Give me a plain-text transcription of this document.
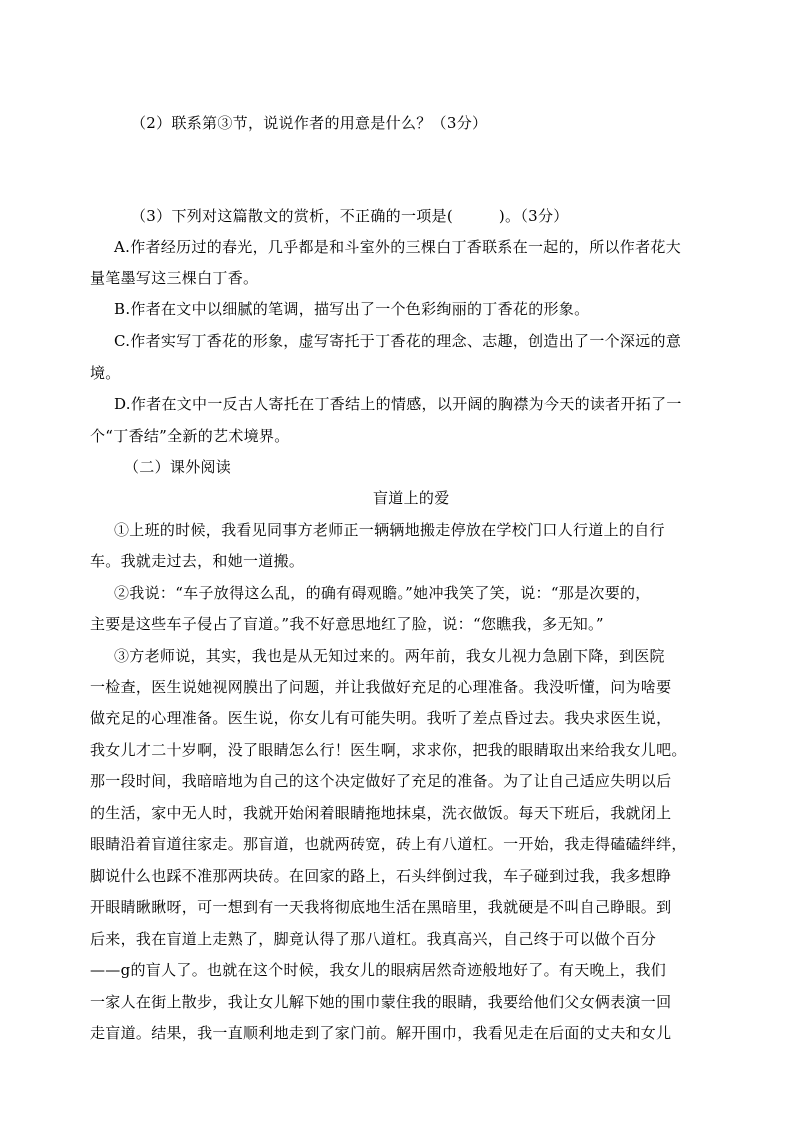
（2）联系第③节，说说作者的用意是什么？（3分）
（3）下列对这篇散文的赏析，不正确的一项是(　　　)。（3分）
A.作者经历过的春光，几乎都是和斗室外的三棵白丁香联系在一起的，所以作者花大
量笔墨写这三棵白丁香。
B.作者在文中以细腻的笔调，描写出了一个色彩绚丽的丁香花的形象。
C.作者实写丁香花的形象，虚写寄托于丁香花的理念、志趣，创造出了一个深远的意
境。
D.作者在文中一反古人寄托在丁香结上的情感，以开阔的胸襟为今天的读者开拓了一
个“丁香结”全新的艺术境界。
（二）课外阅读
盲道上的爱
①上班的时候，我看见同事方老师正一辆辆地搬走停放在学校门口人行道上的自行
车。我就走过去，和她一道搬。
②我说：“车子放得这么乱，的确有碍观瞻。”她冲我笑了笑，说：“那是次要的，
主要是这些车子侵占了盲道。”我不好意思地红了脸，说：“您瞧我，多无知。”
③方老师说，其实，我也是从无知过来的。两年前，我女儿视力急剧下降，到医院
一检查，医生说她视网膜出了问题，并让我做好充足的心理准备。我没听懂，问为啥要
做充足的心理准备。医生说，你女儿有可能失明。我听了差点昏过去。我央求医生说，
我女儿才二十岁啊，没了眼睛怎么行！医生啊，求求你，把我的眼睛取出来给我女儿吧。
那一段时间，我暗暗地为自己的这个决定做好了充足的准备。为了让自己适应失明以后
的生活，家中无人时，我就开始闲着眼睛拖地抹桌，洗衣做饭。每天下班后，我就闭上
眼睛沿着盲道往家走。那盲道，也就两砖宽，砖上有八道杠。一开始，我走得磕磕绊绊，
脚说什么也踩不准那两块砖。在回家的路上，石头绊倒过我，车子碰到过我，我多想睁
开眼睛瞅瞅呀，可一想到有一天我将彻底地生活在黑暗里，我就硬是不叫自己睁眼。到
后来，我在盲道上走熟了，脚竟认得了那八道杠。我真高兴，自己终于可以做个百分
——g的盲人了。也就在这个时候，我女儿的眼病居然奇迹般地好了。有天晚上，我们
一家人在街上散步，我让女儿解下她的围巾蒙住我的眼睛，我要给他们父女俩表演一回
走盲道。结果，我一直顺利地走到了家门前。解开围巾，我看见走在后面的丈夫和女儿
